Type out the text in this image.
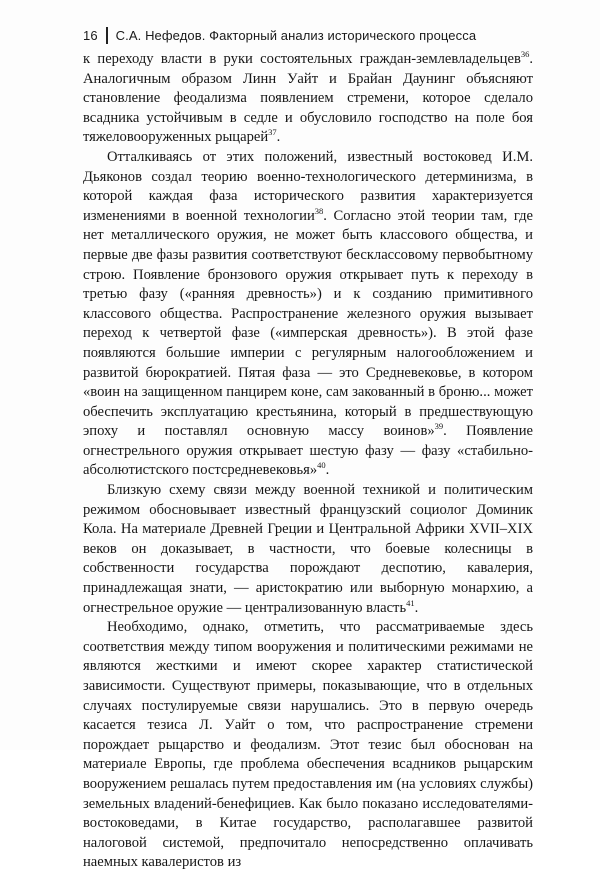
16 С.А. Нефедов. Факторный анализ исторического процесса

к переходу власти в руки состоятельных граждан-землевладельцев$^{36}$. Аналогичным образом Линн Уайт и Брайан Даунинг объясняют становление феодализма появлением стремени, которое сделало всадника устойчивым в седле и обусловило господство на поле боя тяжеловооруженных рыцарей$^{37}$.

Отталкиваясь от этих положений, известный востоковед И.М. Дьяконов создал теорию военно-технологического детерминизма, в которой каждая фаза исторического развития характеризуется изменениями в военной технологии$^{38}$. Согласно этой теории там, где нет металлического оружия, не может быть классового общества, и первые две фазы развития соответствуют бесклассовому первобытному строю. Появление бронзового оружия открывает путь к переходу в третью фазу («ранняя древность») и к созданию примитивного классового общества. Распространение железного оружия вызывает переход к четвертой фазе («имперская древность»). В этой фазе появляются большие империи с регулярным налогообложением и развитой бюрократией. Пятая фаза — это Средневековье, в котором «воин на защищенном панцирем коне, сам закованный в броню... может обеспечить эксплуатацию крестьянина, который в предшествующую эпоху и поставлял основную массу воинов»$^{39}$. Появление огнестрельного оружия открывает шестую фазу — фазу «стабильно-абсолютистского постсредневековья»$^{40}$.

Близкую схему связи между военной техникой и политическим режимом обосновывает известный французский социолог Доминик Кола. На материале Древней Греции и Центральной Африки XVII–XIX веков он доказывает, в частности, что боевые колесницы в собственности государства порождают деспотию, кавалерия, принадлежащая знати, — аристократию или выборную монархию, а огнестрельное оружие — централизованную власть$^{41}$.

Необходимо, однако, отметить, что рассматриваемые здесь соответствия между типом вооружения и политическими режимами не являются жесткими и имеют скорее характер статистической зависимости. Существуют примеры, показывающие, что в отдельных случаях постулируемые связи нарушались. Это в первую очередь касается тезиса Л. Уайт о том, что распространение стремени порождает рыцарство и феодализм. Этот тезис был обоснован на материале Европы, где проблема обеспечения всадников рыцарским вооружением решалась путем предоставления им (на условиях службы) земельных владений-бенефициев. Как было показано исследователями-востоковедами, в Китае государство, располагавшее развитой налоговой системой, предпочитало непосредственно оплачивать наемных кавалеристов из
